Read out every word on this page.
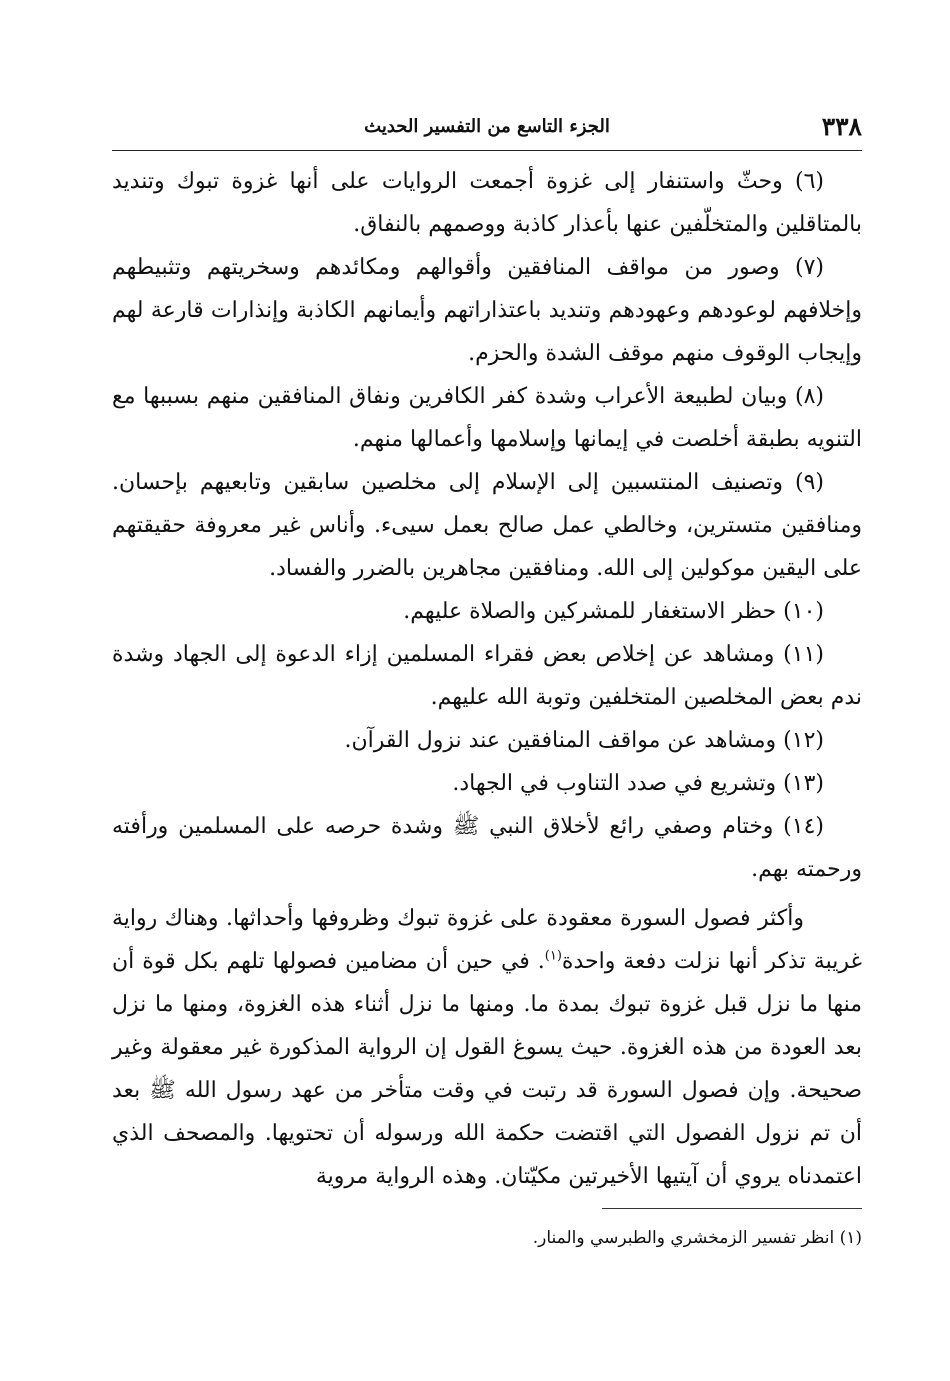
٣٣٨
الجزء التاسع من التفسير الحديث

(٦) وحثّ واستنفار إلى غزوة أجمعت الروايات على أنها غزوة تبوك وتنديد بالمتاقلين والمتخلّفين عنها بأعذار كاذبة ووصمهم بالنفاق.

(٧) وصور من مواقف المنافقين وأقوالهم ومكائدهم وسخريتهم وتثبيطهم وإخلافهم لوعودهم وعهودهم وتنديد باعتذاراتهم وأيمانهم الكاذبة وإنذارات قارعة لهم وإيجاب الوقوف منهم موقف الشدة والحزم.

(٨) وبيان لطبيعة الأعراب وشدة كفر الكافرين ونفاق المنافقين منهم بسببها مع التنويه بطبقة أخلصت في إيمانها وإسلامها وأعمالها منهم.

(٩) وتصنيف المنتسبين إلى الإسلام إلى مخلصين سابقين وتابعيهم بإحسان. ومنافقين متسترين، وخالطي عمل صالح بعمل سيىء. وأناس غير معروفة حقيقتهم على اليقين موكولين إلى الله. ومنافقين مجاهرين بالضرر والفساد.

(١٠) حظر الاستغفار للمشركين والصلاة عليهم.

(١١) ومشاهد عن إخلاص بعض فقراء المسلمين إزاء الدعوة إلى الجهاد وشدة ندم بعض المخلصين المتخلفين وتوبة الله عليهم.

(١٢) ومشاهد عن مواقف المنافقين عند نزول القرآن.

(١٣) وتشريع في صدد التناوب في الجهاد.

(١٤) وختام وصفي رائع لأخلاق النبي ﷺ وشدة حرصه على المسلمين ورأفته ورحمته بهم.

وأكثر فصول السورة معقودة على غزوة تبوك وظروفها وأحداثها. وهناك رواية غريبة تذكر أنها نزلت دفعة واحدة$^{(١)}$. في حين أن مضامين فصولها تلهم بكل قوة أن منها ما نزل قبل غزوة تبوك بمدة ما. ومنها ما نزل أثناء هذه الغزوة، ومنها ما نزل بعد العودة من هذه الغزوة. حيث يسوغ القول إن الرواية المذكورة غير معقولة وغير صحيحة. وإن فصول السورة قد رتبت في وقت متأخر من عهد رسول الله ﷺ بعد أن تم نزول الفصول التي اقتضت حكمة الله ورسوله أن تحتويها. والمصحف الذي اعتمدناه يروي أن آيتيها الأخيرتين مكيّتان. وهذه الرواية مروية

(١) انظر تفسير الزمخشري والطبرسي والمنار.
